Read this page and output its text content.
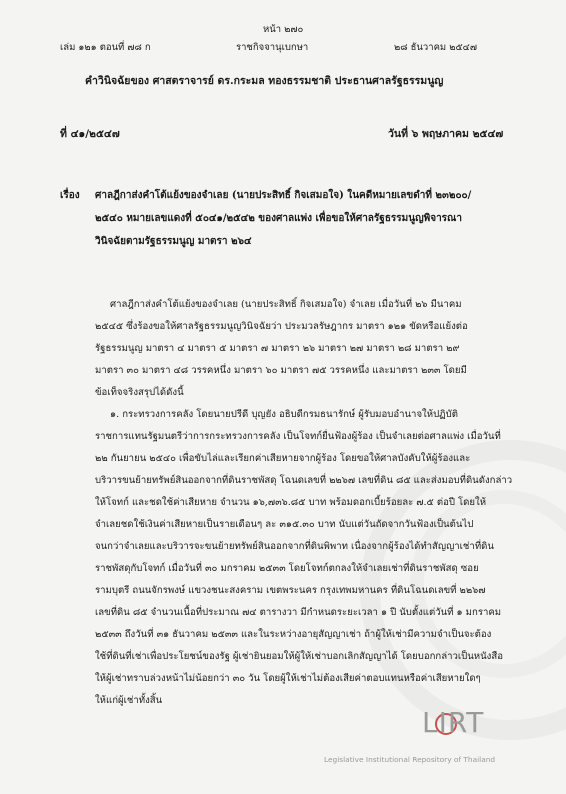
หน้า ๒๗๐
เล่ม ๑๒๑ ตอนที่ ๗๘ ก	ราชกิจจานุเบกษา	๒๘ ธันวาคม ๒๕๔๗
คำวินิจฉัยของ ศาสตราจารย์ ดร.กระมล ทองธรรมชาติ ประธานศาลรัฐธรรมนูญ
ที่ ๔๑/๒๕๔๗	วันที่ ๖ พฤษภาคม ๒๕๔๗
เรื่อง ศาลฎีกาส่งคำโต้แย้งของจำเลย (นายประสิทธิ์ กิจเสมอใจ) ในคดีหมายเลขดำที่ ๒๓๒๐๐/
๒๕๔๐ หมายเลขแดงที่ ๕๐๔๑/๒๕๔๒ ของศาลแพ่ง เพื่อขอให้ศาลรัฐธรรมนูญพิจารณา
วินิจฉัยตามรัฐธรรมนูญ มาตรา ๒๖๔
ศาลฎีกาส่งคำโต้แย้งของจำเลย (นายประสิทธิ์ กิจเสมอใจ) จำเลย เมื่อวันที่ ๒๖ มีนาคม
๒๕๔๕ ซึ่งร้องขอให้ศาลรัฐธรรมนูญวินิจฉัยว่า ประมวลรัษฎากร มาตรา ๑๒๑ ขัดหรือแย้งต่อ
รัฐธรรมนูญ มาตรา ๔ มาตรา ๕ มาตรา ๗ มาตรา ๒๖ มาตรา ๒๗ มาตรา ๒๘ มาตรา ๒๙
มาตรา ๓๐ มาตรา ๔๘ วรรคหนึ่ง มาตรา ๖๐ มาตรา ๗๕ วรรคหนึ่ง และมาตรา ๒๓๓ โดยมี
ข้อเท็จจริงสรุปได้ดังนี้
๑. กระทรวงการคลัง โดยนายปรีดี บุญยัง อธิบดีกรมธนารักษ์ ผู้รับมอบอำนาจให้ปฏิบัติ
ราชการแทนรัฐมนตรีว่าการกระทรวงการคลัง เป็นโจทก์ยื่นฟ้องผู้ร้อง เป็นจำเลยต่อศาลแพ่ง เมื่อวันที่
๒๒ กันยายน ๒๕๔๐ เพื่อขับไล่และเรียกค่าเสียหายจากผู้ร้อง โดยขอให้ศาลบังคับให้ผู้ร้องและ
บริวารขนย้ายทรัพย์สินออกจากที่ดินราชพัสดุ โฉนดเลขที่ ๒๒๖๗ เลขที่ดิน ๘๕ และส่งมอบที่ดินดังกล่าว
ให้โจทก์ และชดใช้ค่าเสียหาย จำนวน ๑๖,๗๓๖.๘๕ บาท พร้อมดอกเบี้ยร้อยละ ๗.๕ ต่อปี โดยให้
จำเลยชดใช้เงินค่าเสียหายเป็นรายเดือนๆ ละ ๓๑๕.๓๐ บาท นับแต่วันถัดจากวันฟ้องเป็นต้นไป
จนกว่าจำเลยและบริวารจะขนย้ายทรัพย์สินออกจากที่ดินพิพาท เนื่องจากผู้ร้องได้ทำสัญญาเช่าที่ดิน
ราชพัสดุกับโจทก์ เมื่อวันที่ ๓๐ มกราคม ๒๕๓๓ โดยโจทก์ตกลงให้จำเลยเช่าที่ดินราชพัสดุ ซอย
รามบุตรี ถนนจักรพงษ์ แขวงชนะสงคราม เขตพระนคร กรุงเทพมหานคร ที่ดินโฉนดเลขที่ ๒๒๖๗
เลขที่ดิน ๘๕ จำนวนเนื้อที่ประมาณ ๗๔ ตารางวา มีกำหนดระยะเวลา ๑ ปี นับตั้งแต่วันที่ ๑ มกราคม
๒๕๓๓ ถึงวันที่ ๓๑ ธันวาคม ๒๕๓๓ และในระหว่างอายุสัญญาเช่า ถ้าผู้ให้เช่ามีความจำเป็นจะต้อง
ใช้ที่ดินที่เช่าเพื่อประโยชน์ของรัฐ ผู้เช่ายินยอมให้ผู้ให้เช่าบอกเลิกสัญญาได้ โดยบอกกล่าวเป็นหนังสือ
ให้ผู้เช่าทราบล่วงหน้าไม่น้อยกว่า ๓๐ วัน โดยผู้ให้เช่าไม่ต้องเสียค่าตอบแทนหรือค่าเสียหายใดๆ
ให้แก่ผู้เช่าทั้งสิ้น
LIRT
Legislative Institutional Repository of Thailand
